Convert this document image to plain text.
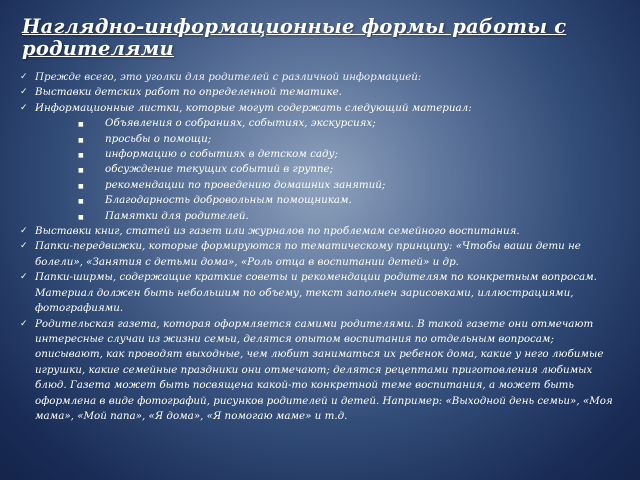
Наглядно-информационные формы работы с родителями
✓ Прежде всего, это уголки для родителей с различной информацией:
✓ Выставки детских работ по определенной тематике.
✓ Информационные листки, которые могут содержать следующий материал:
■ Объявления о собраниях, событиях, экскурсиях;
■ просьбы о помощи;
■ информацию о событиях в детском саду;
■ обсуждение текущих событий в группе;
■ рекомендации по проведению домашних занятий;
■ Благодарность добровольным помощникам.
■ Памятки для родителей.
✓ Выставки книг, статей из газет или журналов по проблемам семейного воспитания.
✓ Папки-передвижки, которые формируются по тематическому принципу: «Чтобы ваши дети не болели», «Занятия с детьми дома», «Роль отца в воспитании детей» и др.
✓ Папки-ширмы, содержащие краткие советы и рекомендации родителям по конкретным вопросам. Материал должен быть небольшим по объему, текст заполнен зарисовками, иллюстрациями, фотографиями.
✓ Родительская газета, которая оформляется самими родителями. В такой газете они отмечают интересные случаи из жизни семьи, делятся опытом воспитания по отдельным вопросам; описывают, как проводят выходные, чем любит заниматься их ребенок дома, какие у него любимые игрушки, какие семейные праздники они отмечают; делятся рецептами приготовления любимых блюд. Газета может быть посвящена какой-то конкретной теме воспитания, а может быть оформлена в виде фотографий, рисунков родителей и детей. Например: «Выходной день семьи», «Моя мама», «Мой папа», «Я дома», «Я помогаю маме» и т.д.
